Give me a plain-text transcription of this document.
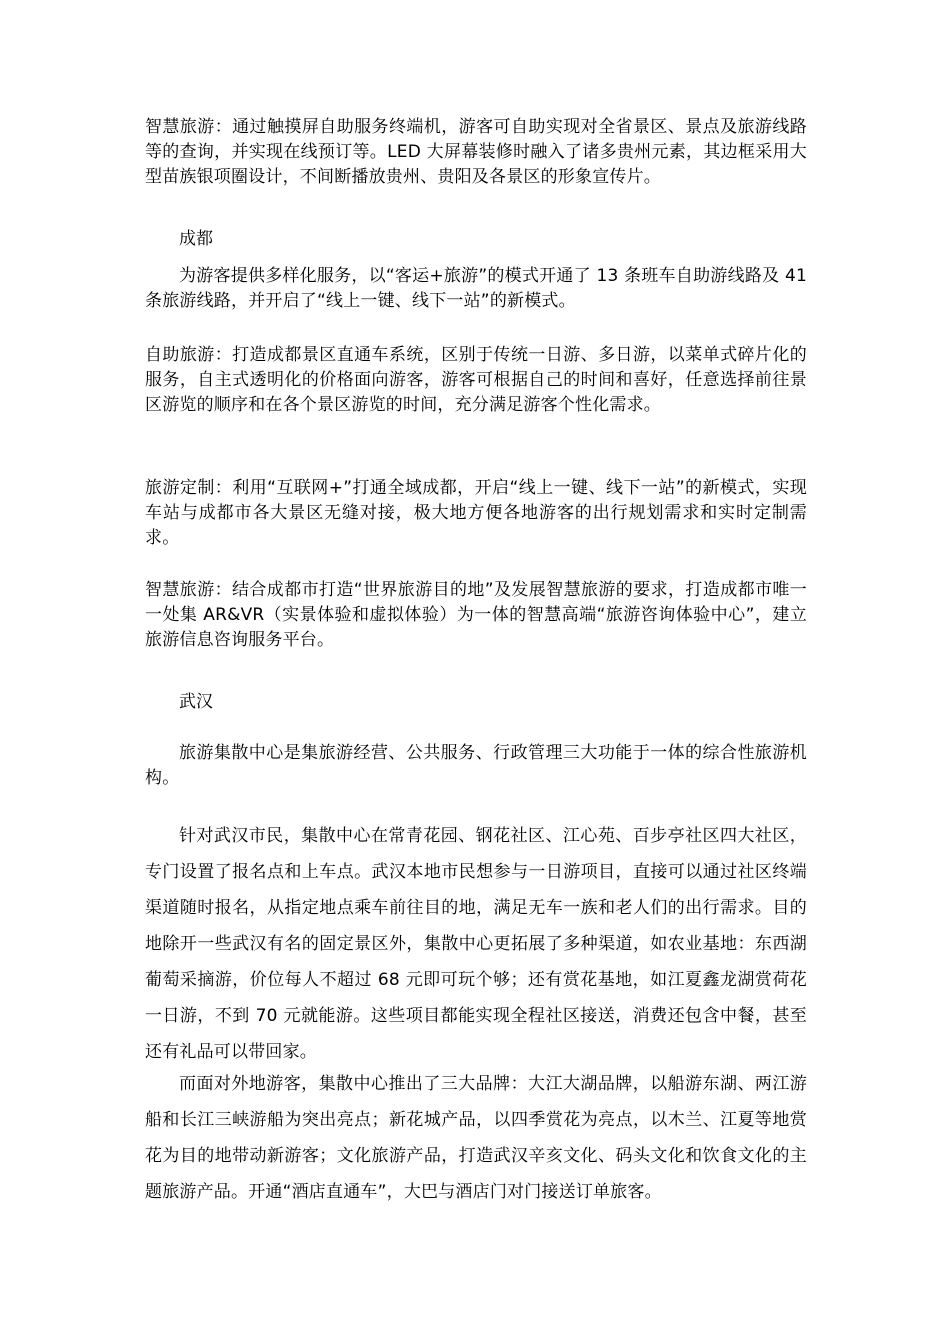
智慧旅游：通过触摸屏自助服务终端机，游客可自助实现对全省景区、景点及旅游线路等的查询，并实现在线预订等。LED 大屏幕装修时融入了诸多贵州元素，其边框采用大型苗族银项圈设计，不间断播放贵州、贵阳及各景区的形象宣传片。

成都

为游客提供多样化服务，以“客运+旅游”的模式开通了 13 条班车自助游线路及 41 条旅游线路，并开启了“线上一键、线下一站”的新模式。

自助旅游：打造成都景区直通车系统，区别于传统一日游、多日游，以菜单式碎片化的服务，自主式透明化的价格面向游客，游客可根据自己的时间和喜好，任意选择前往景区游览的顺序和在各个景区游览的时间，充分满足游客个性化需求。

旅游定制：利用“互联网+”打通全域成都，开启“线上一键、线下一站”的新模式，实现车站与成都市各大景区无缝对接，极大地方便各地游客的出行规划需求和实时定制需求。

智慧旅游：结合成都市打造“世界旅游目的地”及发展智慧旅游的要求，打造成都市唯一一处集 AR&VR（实景体验和虚拟体验）为一体的智慧高端“旅游咨询体验中心”，建立旅游信息咨询服务平台。

武汉

旅游集散中心是集旅游经营、公共服务、行政管理三大功能于一体的综合性旅游机构。

针对武汉市民，集散中心在常青花园、钢花社区、江心苑、百步亭社区四大社区，专门设置了报名点和上车点。武汉本地市民想参与一日游项目，直接可以通过社区终端渠道随时报名，从指定地点乘车前往目的地，满足无车一族和老人们的出行需求。目的地除开一些武汉有名的固定景区外，集散中心更拓展了多种渠道，如农业基地：东西湖葡萄采摘游，价位每人不超过 68 元即可玩个够；还有赏花基地，如江夏鑫龙湖赏荷花一日游，不到 70 元就能游。这些项目都能实现全程社区接送，消费还包含中餐，甚至还有礼品可以带回家。

而面对外地游客，集散中心推出了三大品牌：大江大湖品牌，以船游东湖、两江游船和长江三峡游船为突出亮点；新花城产品，以四季赏花为亮点，以木兰、江夏等地赏花为目的地带动新游客；文化旅游产品，打造武汉辛亥文化、码头文化和饮食文化的主题旅游产品。开通“酒店直通车”，大巴与酒店门对门接送订单旅客。
